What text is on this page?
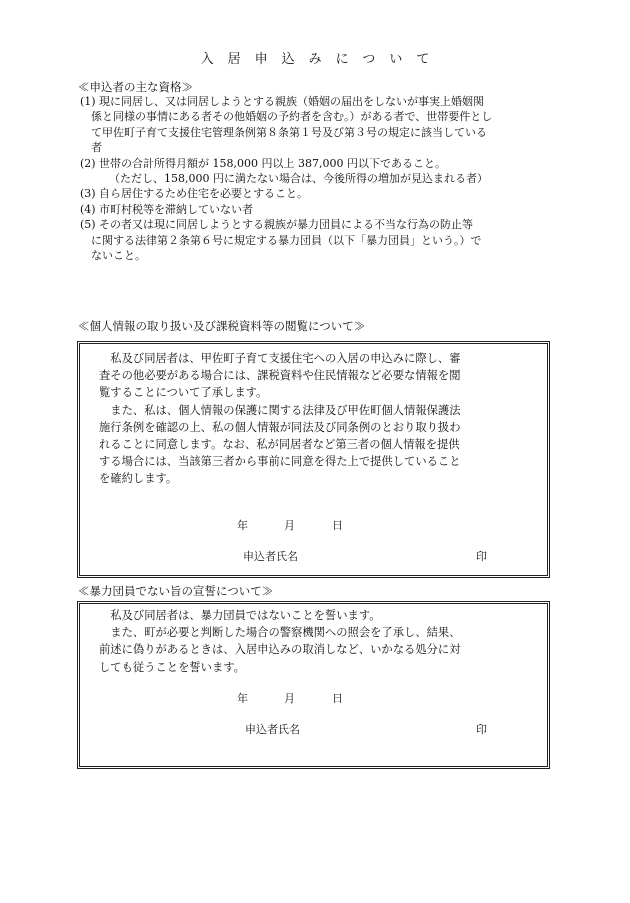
入居申込みについて
≪申込者の主な資格≫
(1) 現に同居し、又は同居しようとする親族（婚姻の届出をしないが事実上婚姻関
係と同様の事情にある者その他婚姻の予約者を含む。）がある者で、世帯要件とし
て甲佐町子育て支援住宅管理条例第８条第１号及び第３号の規定に該当している
者
(2) 世帯の合計所得月額が 158,000 円以上 387,000 円以下であること。
（ただし、158,000 円に満たない場合は、今後所得の増加が見込まれる者）
(3) 自ら居住するため住宅を必要とすること。
(4) 市町村税等を滞納していない者
(5) その者又は現に同居しようとする親族が暴力団員による不当な行為の防止等
に関する法律第２条第６号に規定する暴力団員（以下「暴力団員」という。）で
ないこと。
≪個人情報の取り扱い及び課税資料等の閲覧について≫
私及び同居者は、甲佐町子育て支援住宅への入居の申込みに際し、審
査その他必要がある場合には、課税資料や住民情報など必要な情報を閲
覧することについて了承します。
また、私は、個人情報の保護に関する法律及び甲佐町個人情報保護法
施行条例を確認の上、私の個人情報が同法及び同条例のとおり取り扱わ
れることに同意します。なお、私が同居者など第三者の個人情報を提供
する場合には、当該第三者から事前に同意を得た上で提供していること
を確約します。
年	月	日
申込者氏名	印
≪暴力団員でない旨の宣誓について≫
私及び同居者は、暴力団員ではないことを誓います。
また、町が必要と判断した場合の警察機関への照会を了承し、結果、
前述に偽りがあるときは、入居申込みの取消しなど、いかなる処分に対
しても従うことを誓います。
年	月	日
申込者氏名	印
